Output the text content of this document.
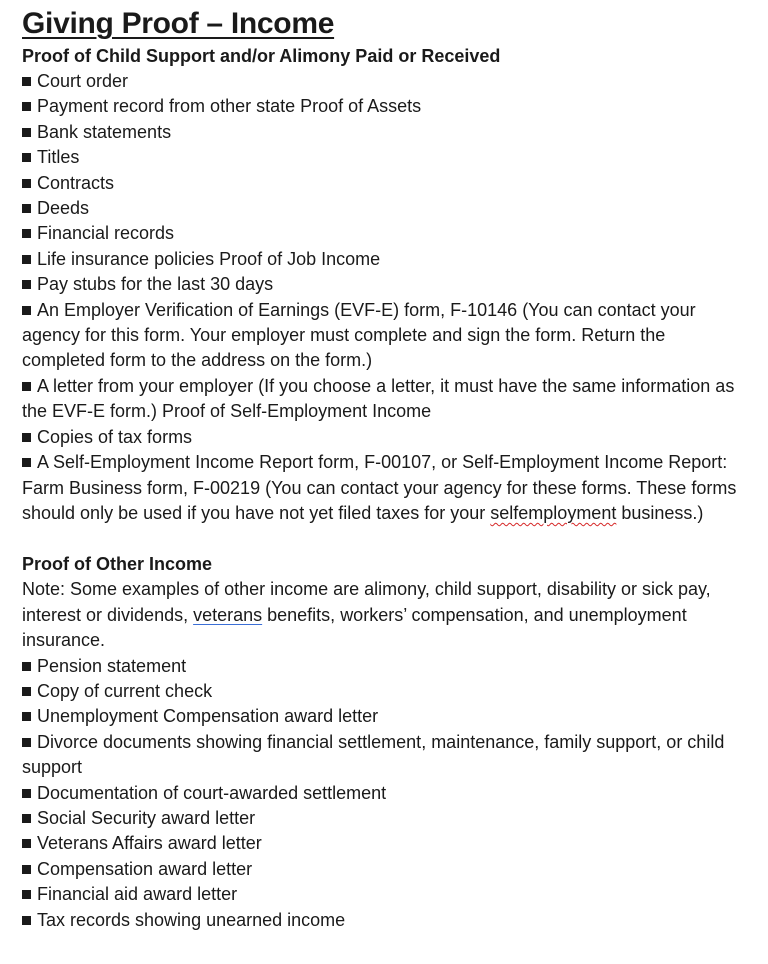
Giving Proof – Income

Proof of Child Support and/or Alimony Paid or Received

Court order
Payment record from other state Proof of Assets
Bank statements
Titles
Contracts
Deeds
Financial records
Life insurance policies Proof of Job Income
Pay stubs for the last 30 days
An Employer Verification of Earnings (EVF-E) form, F-10146 (You can contact your agency for this form. Your employer must complete and sign the form. Return the completed form to the address on the form.)
A letter from your employer (If you choose a letter, it must have the same information as the EVF-E form.) Proof of Self-Employment Income
Copies of tax forms
A Self-Employment Income Report form, F-00107, or Self-Employment Income Report: Farm Business form, F-00219 (You can contact your agency for these forms. These forms should only be used if you have not yet filed taxes for your selfemployment business.)

Proof of Other Income

Note: Some examples of other income are alimony, child support, disability or sick pay, interest or dividends, veterans benefits, workers’ compensation, and unemployment insurance.

Pension statement
Copy of current check
Unemployment Compensation award letter
Divorce documents showing financial settlement, maintenance, family support, or child support
Documentation of court-awarded settlement
Social Security award letter
Veterans Affairs award letter
Compensation award letter
Financial aid award letter
Tax records showing unearned income
